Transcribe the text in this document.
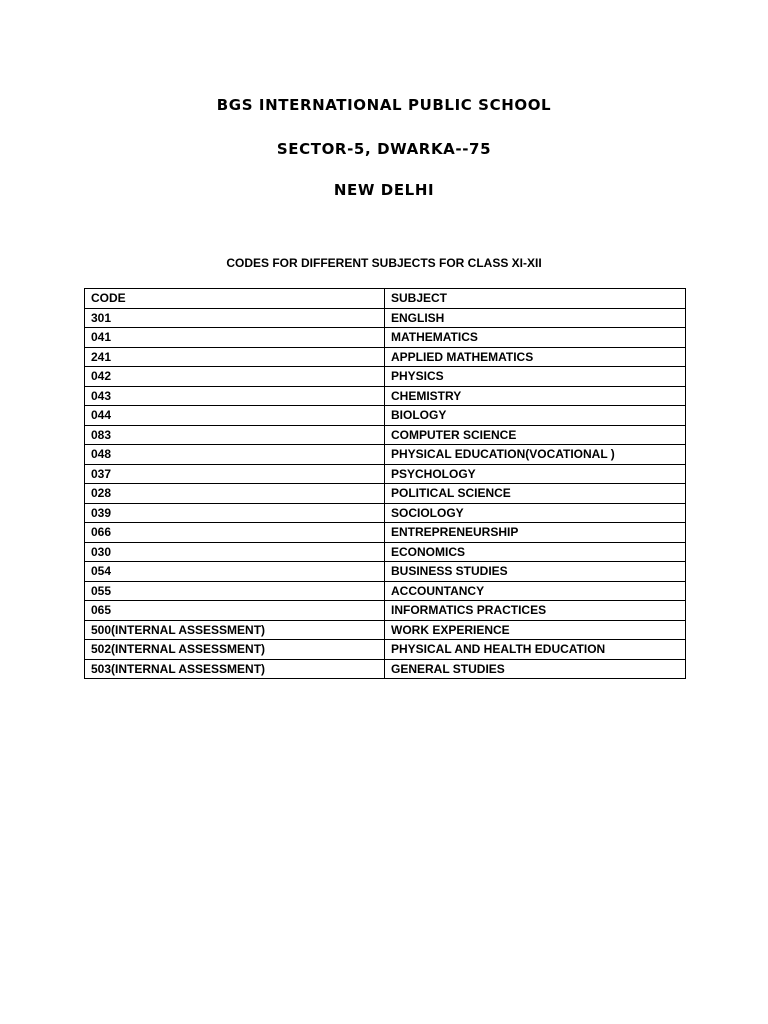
BGS INTERNATIONAL PUBLIC SCHOOL
SECTOR-5, DWARKA--75
NEW DELHI

CODES FOR DIFFERENT SUBJECTS FOR CLASS XI-XII

CODE	SUBJECT
301	ENGLISH
041	MATHEMATICS
241	APPLIED MATHEMATICS
042	PHYSICS
043	CHEMISTRY
044	BIOLOGY
083	COMPUTER SCIENCE
048	PHYSICAL EDUCATION(VOCATIONAL )
037	PSYCHOLOGY
028	POLITICAL SCIENCE
039	SOCIOLOGY
066	ENTREPRENEURSHIP
030	ECONOMICS
054	BUSINESS STUDIES
055	ACCOUNTANCY
065	INFORMATICS PRACTICES
500(INTERNAL ASSESSMENT)	WORK EXPERIENCE
502(INTERNAL ASSESSMENT)	PHYSICAL AND HEALTH EDUCATION
503(INTERNAL ASSESSMENT)	GENERAL STUDIES
